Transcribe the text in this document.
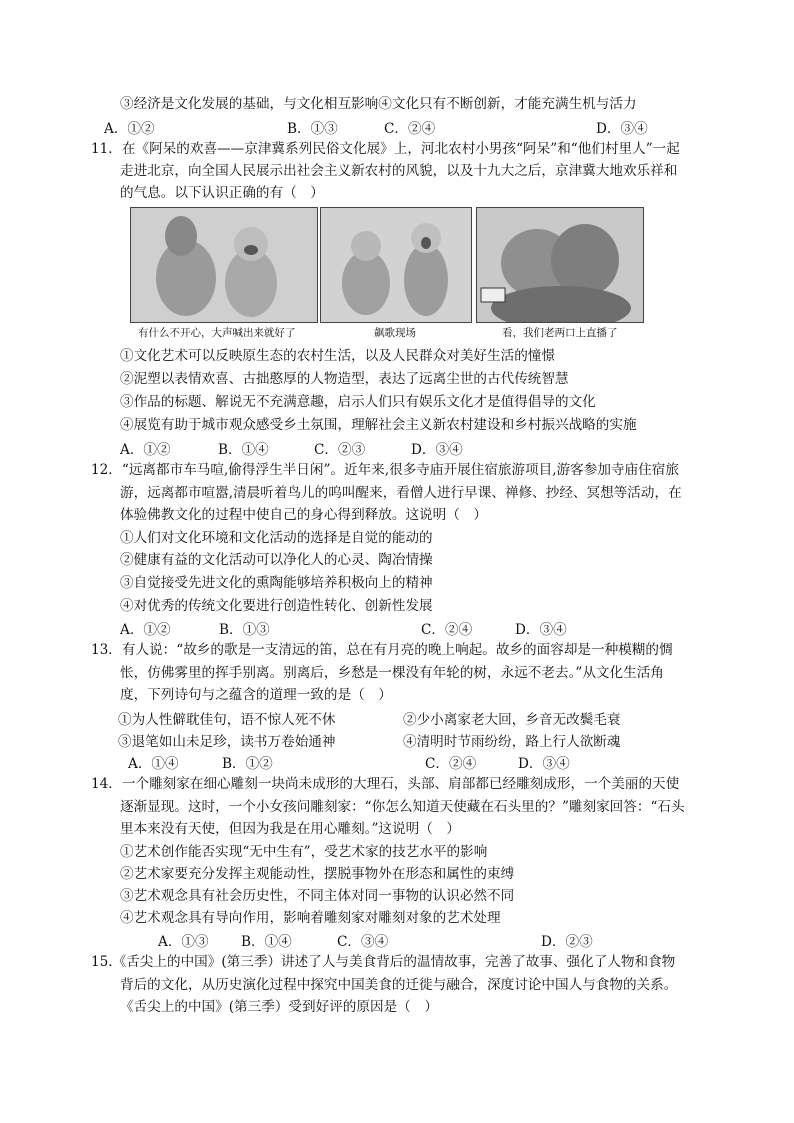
③经济是文化发展的基础，与文化相互影响④文化只有不断创新，才能充满生机与活力
A．①②	B．①③	C．②④	D．③④
11．在《阿呆的欢喜——京津冀系列民俗文化展》上，河北农村小男孩“阿呆”和“他们村里人”一起
走进北京，向全国人民展示出社会主义新农村的风貌，以及十九大之后，京津冀大地欢乐祥和
的气息。以下认识正确的有（　）
有什么不开心，大声喊出来就好了	飙歌现场	看，我们老两口上直播了
①文化艺术可以反映原生态的农村生活，以及人民群众对美好生活的憧憬
②泥塑以表情欢喜、古拙憨厚的人物造型，表达了远离尘世的古代传统智慧
③作品的标题、解说无不充满意趣，启示人们只有娱乐文化才是值得倡导的文化
④展览有助于城市观众感受乡土氛围，理解社会主义新农村建设和乡村振兴战略的实施
A．①②	B．①④	C．②③	D．③④
12．“远离都市车马喧,偷得浮生半日闲”。近年来,很多寺庙开展住宿旅游项目,游客参加寺庙住宿旅
游，远离都市喧嚣,清晨听着鸟儿的呜叫醒来，看僧人进行早课、禅修、抄经、冥想等活动，在
体验佛教文化的过程中使自己的身心得到释放。这说明（　）
①人们对文化环境和文化活动的选择是自觉的能动的
②健康有益的文化活动可以净化人的心灵、陶冶情操
③自觉接受先进文化的熏陶能够培养积极向上的精神
④对优秀的传统文化要进行创造性转化、创新性发展
A．①②	B．①③	C．②④	D．③④
13．有人说：“故乡的歌是一支清远的笛，总在有月亮的晚上响起。故乡的面容却是一种模糊的惆
怅，仿佛雾里的挥手别离。别离后，乡愁是一棵没有年轮的树，永远不老去。”从文化生活角
度，下列诗句与之蕴含的道理一致的是（　）
①为人性僻耽佳句，语不惊人死不休	②少小离家老大回，乡音无改鬓毛衰
③退笔如山未足珍，读书万卷始通神	④清明时节雨纷纷，路上行人欲断魂
A．①④	B．①②	C．②④	D．③④
14．一个雕刻家在细心雕刻一块尚未成形的大理石，头部、肩部都已经雕刻成形，一个美丽的天使
逐渐显现。这时，一个小女孩问雕刻家：“你怎么知道天使藏在石头里的？”雕刻家回答：“石头
里本来没有天使，但因为我是在用心雕刻。”这说明（　）
①艺术创作能否实现“无中生有”，受艺术家的技艺水平的影响
②艺术家要充分发挥主观能动性，摆脱事物外在形态和属性的束缚
③艺术观念具有社会历史性，不同主体对同一事物的认识必然不同
④艺术观念具有导向作用，影响着雕刻家对雕刻对象的艺术处理
A．①③ B．①④	C．③④	D．②③
15.《舌尖上的中国》(第三季）讲述了人与美食背后的温情故事，完善了故事、强化了人物和食物
背后的文化，从历史演化过程中探究中国美食的迁徙与融合，深度讨论中国人与食物的关系。
《舌尖上的中国》(第三季）受到好评的原因是（　）
